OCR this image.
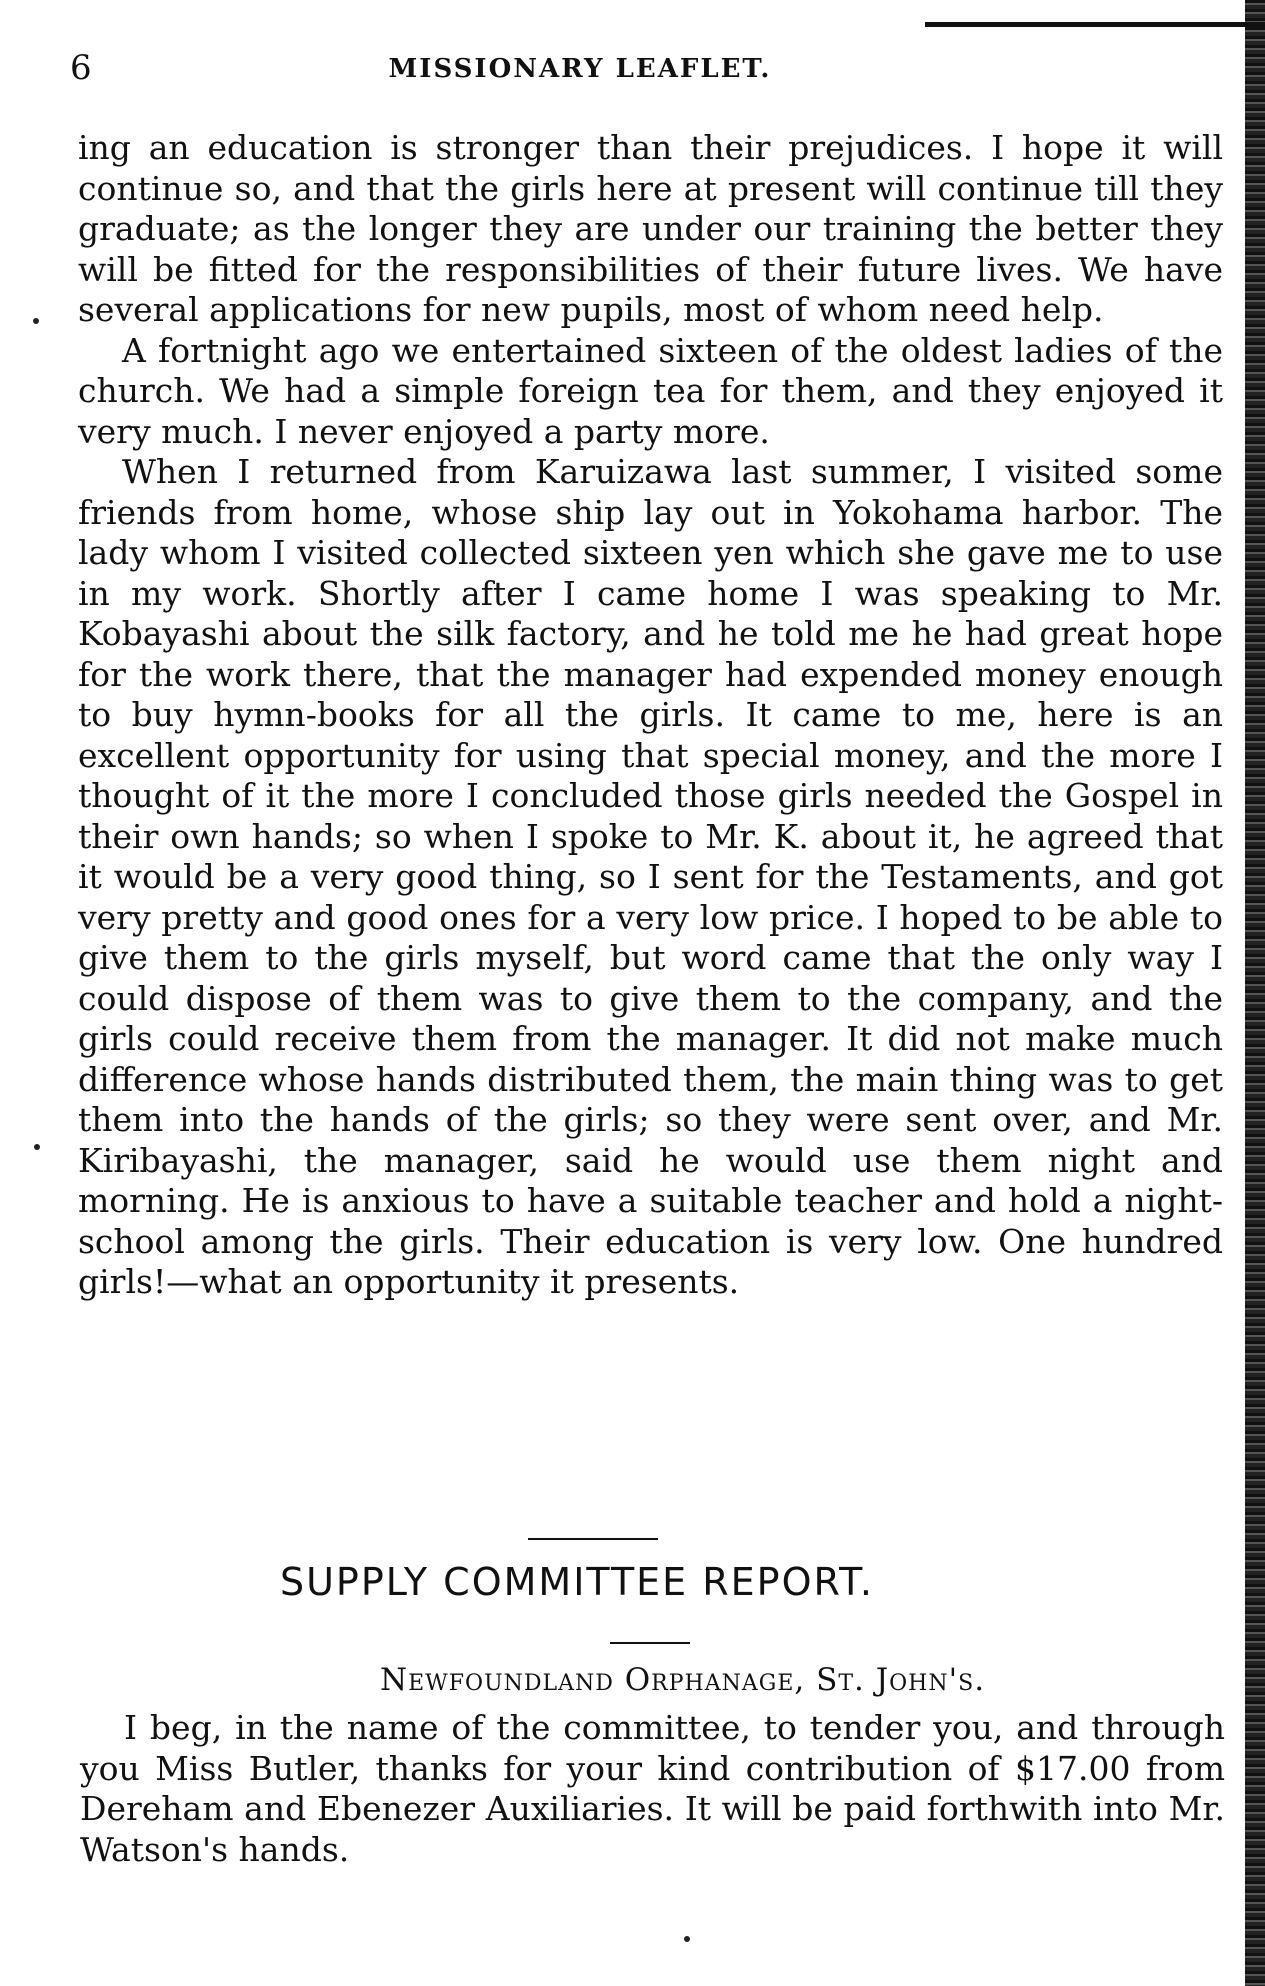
6	MISSIONARY LEAFLET.

ing an education is stronger than their prejudices. I hope it will continue so, and that the girls here at present will continue till they graduate; as the longer they are under our training the better they will be fitted for the responsibilities of their future lives. We have several applications for new pupils, most of whom need help.

A fortnight ago we entertained sixteen of the oldest ladies of the church. We had a simple foreign tea for them, and they enjoyed it very much. I never enjoyed a party more.

When I returned from Karuizawa last summer, I visited some friends from home, whose ship lay out in Yokohama harbor. The lady whom I visited collected sixteen yen which she gave me to use in my work. Shortly after I came home I was speaking to Mr. Kobayashi about the silk factory, and he told me he had great hope for the work there, that the manager had expended money enough to buy hymn-books for all the girls. It came to me, here is an excellent opportunity for using that special money, and the more I thought of it the more I concluded those girls needed the Gospel in their own hands; so when I spoke to Mr. K. about it, he agreed that it would be a very good thing, so I sent for the Testaments, and got very pretty and good ones for a very low price. I hoped to be able to give them to the girls myself, but word came that the only way I could dispose of them was to give them to the company, and the girls could receive them from the manager. It did not make much difference whose hands distributed them, the main thing was to get them into the hands of the girls; so they were sent over, and Mr. Kiribayashi, the manager, said he would use them night and morning. He is anxious to have a suitable teacher and hold a night-school among the girls. Their education is very low. One hundred girls!—what an opportunity it presents.

SUPPLY COMMITTEE REPORT.
Newfoundland Orphanage, St. John's.

I beg, in the name of the committee, to tender you, and through you Miss Butler, thanks for your kind contribution of $17.00 from Dereham and Ebenezer Auxiliaries. It will be paid forthwith into Mr. Watson's hands.
